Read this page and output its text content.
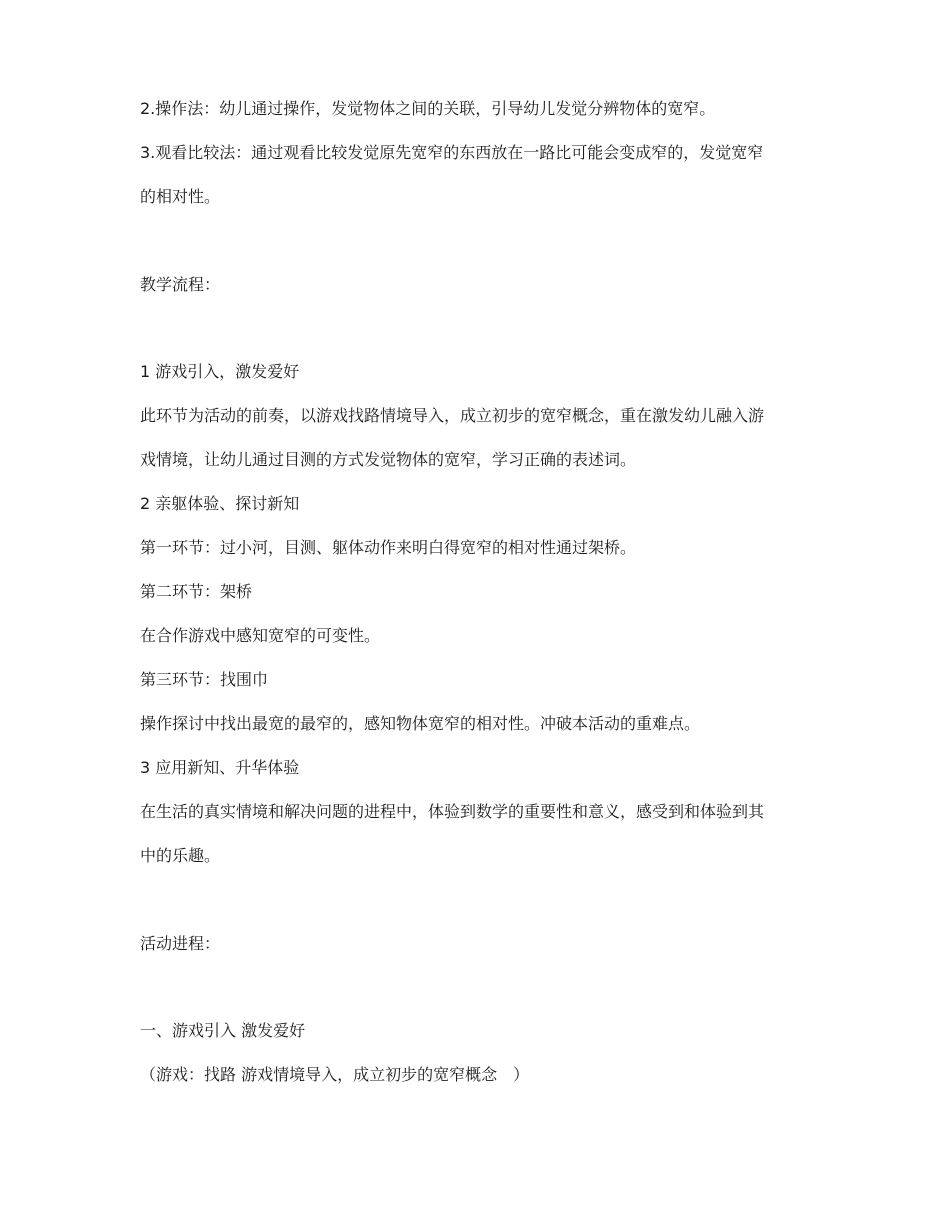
2.操作法：幼儿通过操作，发觉物体之间的关联，引导幼儿发觉分辨物体的宽窄。
3.观看比较法：通过观看比较发觉原先宽窄的东西放在一路比可能会变成窄的，发觉宽窄
的相对性。
教学流程：
1 游戏引入，激发爱好
此环节为活动的前奏，以游戏找路情境导入，成立初步的宽窄概念，重在激发幼儿融入游
戏情境，让幼儿通过目测的方式发觉物体的宽窄，学习正确的表述词。
2 亲躯体验、探讨新知
第一环节：过小河，目测、躯体动作来明白得宽窄的相对性通过架桥。
第二环节：架桥
在合作游戏中感知宽窄的可变性。
第三环节：找围巾
操作探讨中找出最宽的最窄的，感知物体宽窄的相对性。冲破本活动的重难点。
3 应用新知、升华体验
在生活的真实情境和解决问题的进程中，体验到数学的重要性和意义，感受到和体验到其
中的乐趣。
活动进程：
一、游戏引入 激发爱好
（游戏：找路 游戏情境导入，成立初步的宽窄概念　）
